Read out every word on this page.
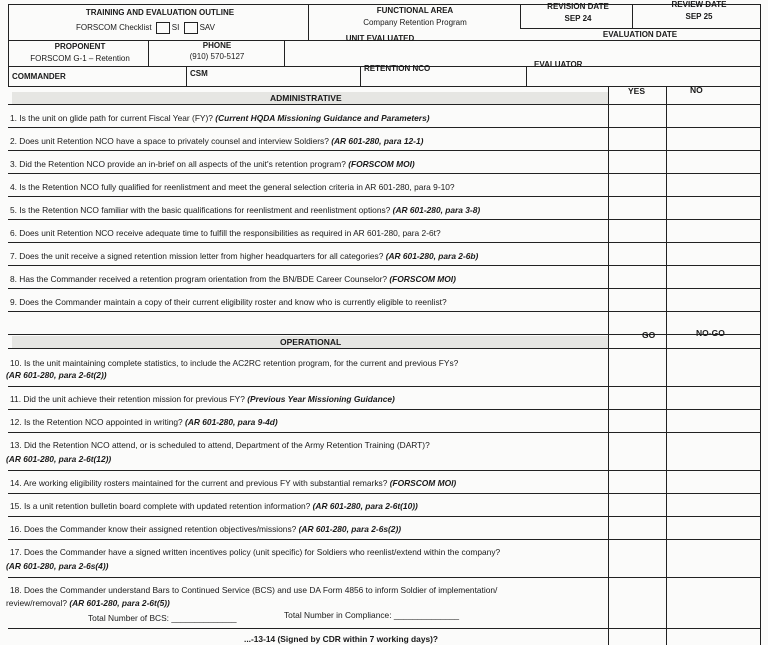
TRAINING AND EVALUATION OUTLINE
FORSCOM Checklist	SI	SAV
FUNCTIONAL AREA
Company Retention Program
REVISION DATE
SEP 24
REVIEW DATE
SEP 25
EVALUATION DATE
UNIT EVALUATED
PROPONENT
FORSCOM G-1 – Retention
PHONE
(910) 570-5127
COMMANDER	CSM
RETENTION NCO	EVALUATOR
ADMINISTRATIVE
YES	NO
1. Is the unit on glide path for current Fiscal Year (FY)? (Current HQDA Missioning Guidance and Parameters)
2. Does unit Retention NCO have a space to privately counsel and interview Soldiers? (AR 601-280, para 12-1)
3. Did the Retention NCO provide an in-brief on all aspects of the unit's retention program? (FORSCOM MOI)
4. Is the Retention NCO fully qualified for reenlistment and meet the general selection criteria in AR 601-280, para 9-10?
5. Is the Retention NCO familiar with the basic qualifications for reenlistment and reenlistment options? (AR 601-280, para 3-8)
6. Does unit Retention NCO receive adequate time to fulfill the responsibilities as required in AR 601-280, para 2-6t?
7. Does the unit receive a signed retention mission letter from higher headquarters for all categories? (AR 601-280, para 2-6b)
8. Has the Commander received a retention program orientation from the BN/BDE Career Counselor? (FORSCOM MOI)
9. Does the Commander maintain a copy of their current eligibility roster and know who is currently eligible to reenlist?
OPERATIONAL
GO	NO-GO
10. Is the unit maintaining complete statistics, to include the AC2RC retention program, for the current and previous FYs?
(AR 601-280, para 2-6t(2))
11. Did the unit achieve their retention mission for previous FY? (Previous Year Missioning Guidance)
12. Is the Retention NCO appointed in writing? (AR 601-280, para 9-4d)
13. Did the Retention NCO attend, or is scheduled to attend, Department of the Army Retention Training (DART)?
(AR 601-280, para 2-6t(12))
14. Are working eligibility rosters maintained for the current and previous FY with substantial remarks? (FORSCOM MOI)
15. Is a unit retention bulletin board complete with updated retention information? (AR 601-280, para 2-6t(10))
16. Does the Commander know their assigned retention objectives/missions? (AR 601-280, para 2-6s(2))
17. Does the Commander have a signed written incentives policy (unit specific) for Soldiers who reenlist/extend within the company?
(AR 601-280, para 2-6s(4))
18. Does the Commander understand Bars to Continued Service (BCS) and use DA Form 4856 to inform Soldier of implementation/
review/removal? (AR 601-280, para 2-6t(5))
Total Number of BCS: ______________	Total Number in Compliance: ______________
...-13-14 (Signed by CDR within 7 working days)?
